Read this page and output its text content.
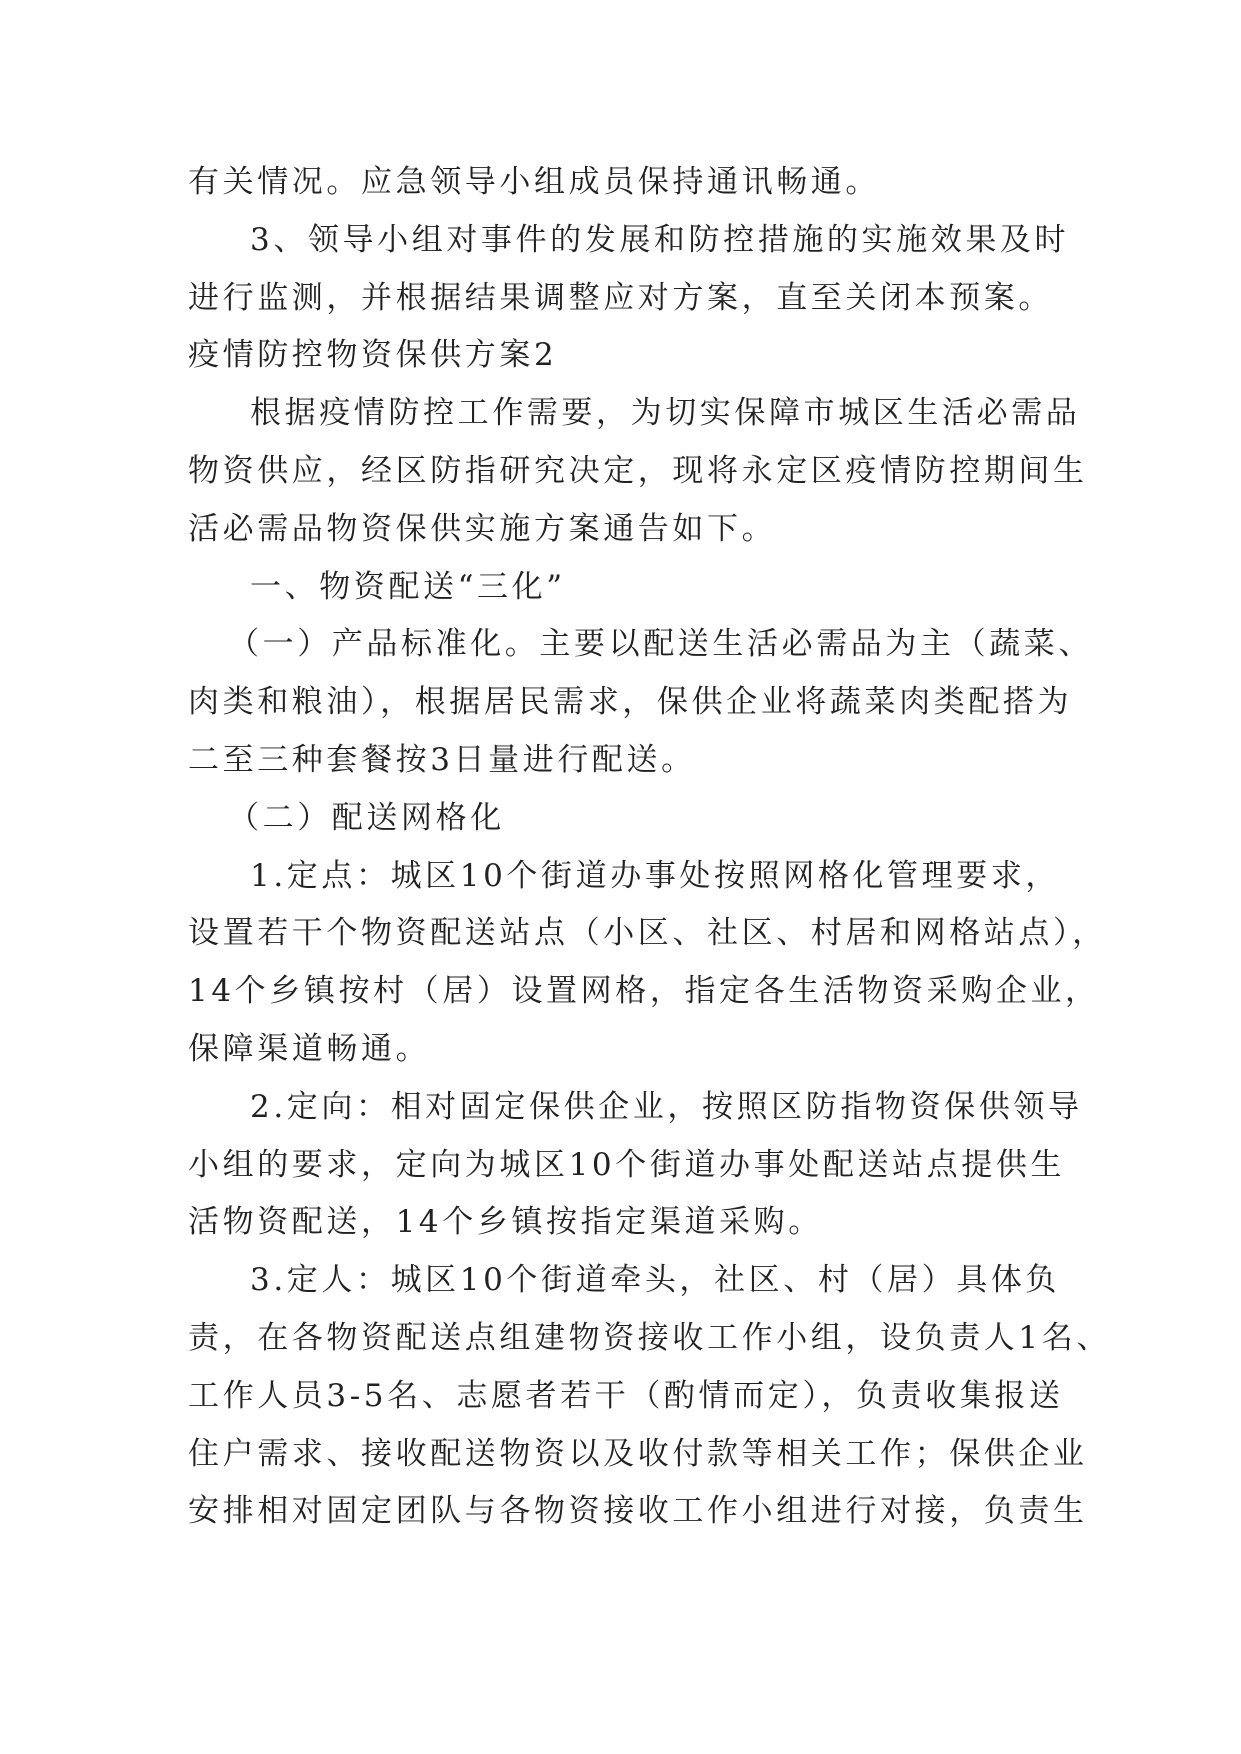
有关情况。应急领导小组成员保持通讯畅通。
3、领导小组对事件的发展和防控措施的实施效果及时
进行监测，并根据结果调整应对方案，直至关闭本预案。
疫情防控物资保供方案2
根据疫情防控工作需要，为切实保障市城区生活必需品
物资供应，经区防指研究决定，现将永定区疫情防控期间生
活必需品物资保供实施方案通告如下。
一、物资配送“三化”
（一）产品标准化。主要以配送生活必需品为主（蔬菜、
肉类和粮油），根据居民需求，保供企业将蔬菜肉类配搭为
二至三种套餐按3日量进行配送。
（二）配送网格化
1.定点：城区10个街道办事处按照网格化管理要求，
设置若干个物资配送站点（小区、社区、村居和网格站点），
14个乡镇按村（居）设置网格，指定各生活物资采购企业，
保障渠道畅通。
2.定向：相对固定保供企业，按照区防指物资保供领导
小组的要求，定向为城区10个街道办事处配送站点提供生
活物资配送，14个乡镇按指定渠道采购。
3.定人：城区10个街道牵头，社区、村（居）具体负
责，在各物资配送点组建物资接收工作小组，设负责人1名、
工作人员3-5名、志愿者若干（酌情而定），负责收集报送
住户需求、接收配送物资以及收付款等相关工作；保供企业
安排相对固定团队与各物资接收工作小组进行对接，负责生
